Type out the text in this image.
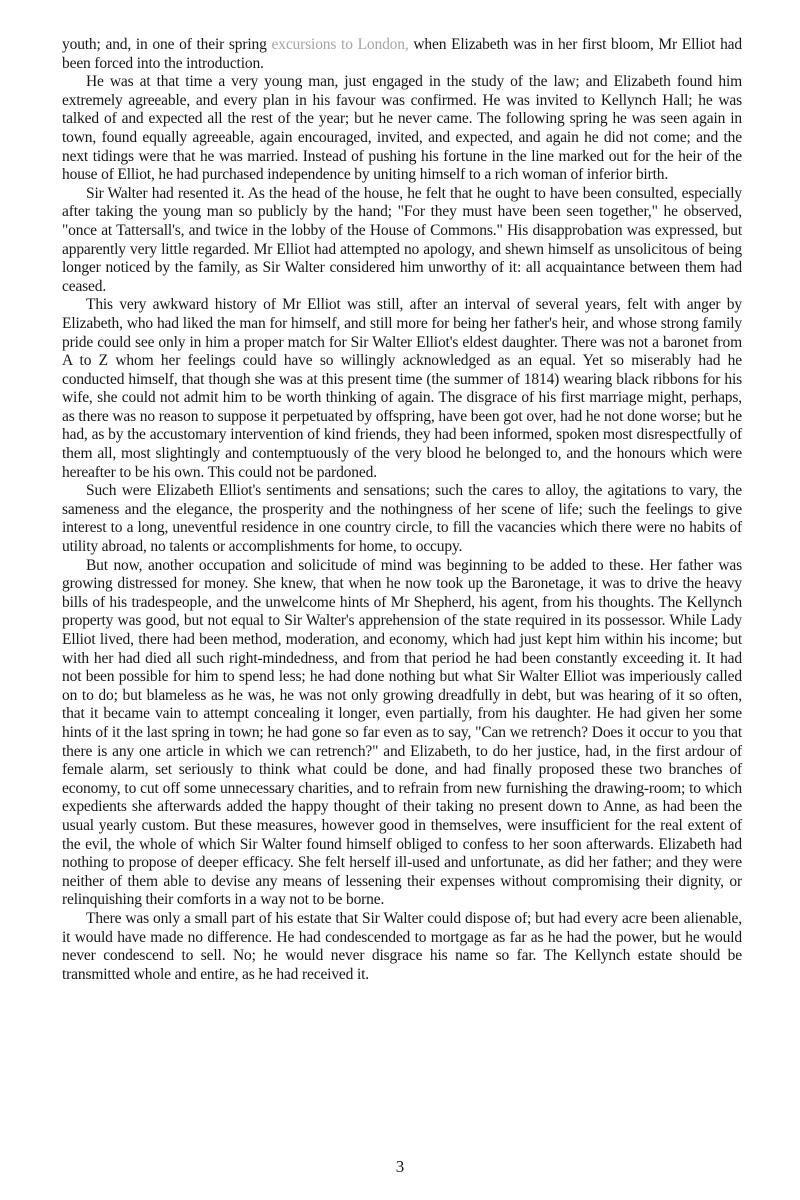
youth; and, in one of their spring excursions to London, when Elizabeth was in her first bloom, Mr Elliot had been forced into the introduction.

He was at that time a very young man, just engaged in the study of the law; and Elizabeth found him extremely agreeable, and every plan in his favour was confirmed. He was invited to Kellynch Hall; he was talked of and expected all the rest of the year; but he never came. The following spring he was seen again in town, found equally agreeable, again encouraged, invited, and expected, and again he did not come; and the next tidings were that he was married. Instead of pushing his fortune in the line marked out for the heir of the house of Elliot, he had purchased independence by uniting himself to a rich woman of inferior birth.

Sir Walter had resented it. As the head of the house, he felt that he ought to have been consulted, especially after taking the young man so publicly by the hand; "For they must have been seen together," he observed, "once at Tattersall's, and twice in the lobby of the House of Commons." His disapprobation was expressed, but apparently very little regarded. Mr Elliot had attempted no apology, and shewn himself as unsolicitous of being longer noticed by the family, as Sir Walter considered him unworthy of it: all acquaintance between them had ceased.

This very awkward history of Mr Elliot was still, after an interval of several years, felt with anger by Elizabeth, who had liked the man for himself, and still more for being her father's heir, and whose strong family pride could see only in him a proper match for Sir Walter Elliot's eldest daughter. There was not a baronet from A to Z whom her feelings could have so willingly acknowledged as an equal. Yet so miserably had he conducted himself, that though she was at this present time (the summer of 1814) wearing black ribbons for his wife, she could not admit him to be worth thinking of again. The disgrace of his first marriage might, perhaps, as there was no reason to suppose it perpetuated by offspring, have been got over, had he not done worse; but he had, as by the accustomary intervention of kind friends, they had been informed, spoken most disrespectfully of them all, most slightingly and contemptuously of the very blood he belonged to, and the honours which were hereafter to be his own. This could not be pardoned.

Such were Elizabeth Elliot's sentiments and sensations; such the cares to alloy, the agitations to vary, the sameness and the elegance, the prosperity and the nothingness of her scene of life; such the feelings to give interest to a long, uneventful residence in one country circle, to fill the vacancies which there were no habits of utility abroad, no talents or accomplishments for home, to occupy.

But now, another occupation and solicitude of mind was beginning to be added to these. Her father was growing distressed for money. She knew, that when he now took up the Baronetage, it was to drive the heavy bills of his tradespeople, and the unwelcome hints of Mr Shepherd, his agent, from his thoughts. The Kellynch property was good, but not equal to Sir Walter's apprehension of the state required in its possessor. While Lady Elliot lived, there had been method, moderation, and economy, which had just kept him within his income; but with her had died all such right-mindedness, and from that period he had been constantly exceeding it. It had not been possible for him to spend less; he had done nothing but what Sir Walter Elliot was imperiously called on to do; but blameless as he was, he was not only growing dreadfully in debt, but was hearing of it so often, that it became vain to attempt concealing it longer, even partially, from his daughter. He had given her some hints of it the last spring in town; he had gone so far even as to say, "Can we retrench? Does it occur to you that there is any one article in which we can retrench?" and Elizabeth, to do her justice, had, in the first ardour of female alarm, set seriously to think what could be done, and had finally proposed these two branches of economy, to cut off some unnecessary charities, and to refrain from new furnishing the drawing-room; to which expedients she afterwards added the happy thought of their taking no present down to Anne, as had been the usual yearly custom. But these measures, however good in themselves, were insufficient for the real extent of the evil, the whole of which Sir Walter found himself obliged to confess to her soon afterwards. Elizabeth had nothing to propose of deeper efficacy. She felt herself ill-used and unfortunate, as did her father; and they were neither of them able to devise any means of lessening their expenses without compromising their dignity, or relinquishing their comforts in a way not to be borne.

There was only a small part of his estate that Sir Walter could dispose of; but had every acre been alienable, it would have made no difference. He had condescended to mortgage as far as he had the power, but he would never condescend to sell. No; he would never disgrace his name so far. The Kellynch estate should be transmitted whole and entire, as he had received it.

3
